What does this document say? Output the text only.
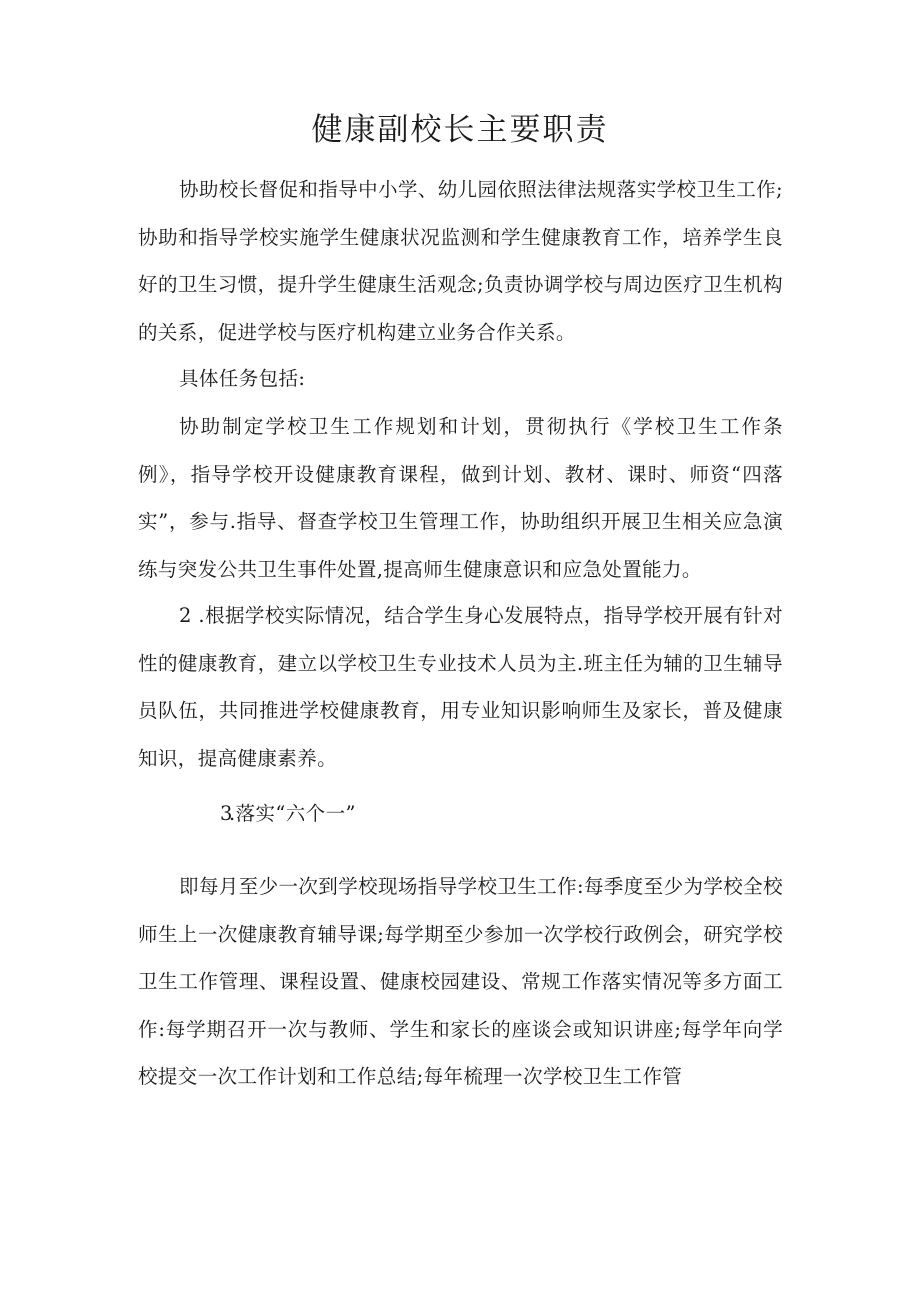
健康副校长主要职责

协助校长督促和指导中小学、幼儿园依照法律法规落实学校卫生工作;协助和指导学校实施学生健康状况监测和学生健康教育工作，培养学生良好的卫生习惯，提升学生健康生活观念;负责协调学校与周边医疗卫生机构的关系，促进学校与医疗机构建立业务合作关系。

具体任务包括:

协助制定学校卫生工作规划和计划，贯彻执行《学校卫生工作条例》，指导学校开设健康教育课程，做到计划、教材、课时、师资“四落实”，参与.指导、督查学校卫生管理工作，协助组织开展卫生相关应急演练与突发公共卫生事件处置,提高师生健康意识和应急处置能力。

2 .根据学校实际情况，结合学生身心发展特点，指导学校开展有针对性的健康教育，建立以学校卫生专业技术人员为主.班主任为辅的卫生辅导员队伍，共同推进学校健康教育，用专业知识影响师生及家长，普及健康知识，提高健康素养。

3.落实“六个一”

即每月至少一次到学校现场指导学校卫生工作:每季度至少为学校全校师生上一次健康教育辅导课;每学期至少参加一次学校行政例会，研究学校卫生工作管理、课程设置、健康校园建设、常规工作落实情况等多方面工作:每学期召开一次与教师、学生和家长的座谈会或知识讲座;每学年向学校提交一次工作计划和工作总结;每年梳理一次学校卫生工作管
